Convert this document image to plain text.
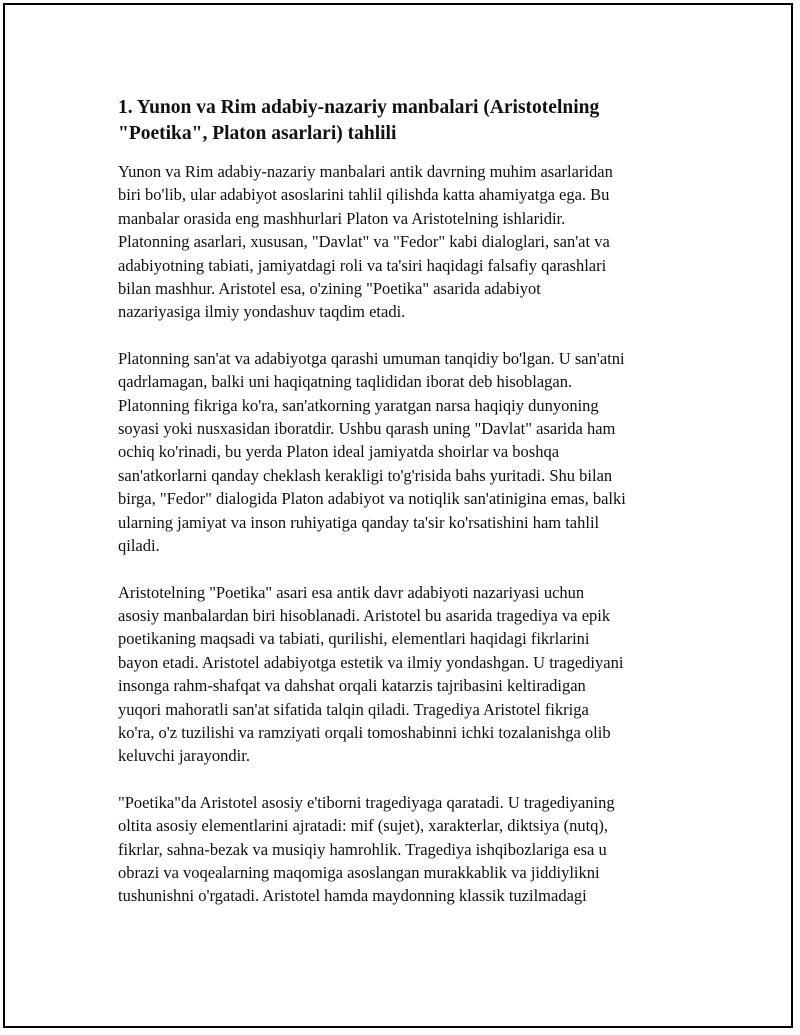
1. Yunon va Rim adabiy-nazariy manbalari (Aristotelning
"Poetika", Platon asarlari) tahlili

Yunon va Rim adabiy-nazariy manbalari antik davrning muhim asarlaridan
biri bo'lib, ular adabiyot asoslarini tahlil qilishda katta ahamiyatga ega. Bu
manbalar orasida eng mashhurlari Platon va Aristotelning ishlaridir.
Platonning asarlari, xususan, "Davlat" va "Fedor" kabi dialoglari, san'at va
adabiyotning tabiati, jamiyatdagi roli va ta'siri haqidagi falsafiy qarashlari
bilan mashhur. Aristotel esa, o'zining "Poetika" asarida adabiyot
nazariyasiga ilmiy yondashuv taqdim etadi.

Platonning san'at va adabiyotga qarashi umuman tanqidiy bo'lgan. U san'atni
qadrlamagan, balki uni haqiqatning taqlididan iborat deb hisoblagan.
Platonning fikriga ko'ra, san'atkorning yaratgan narsa haqiqiy dunyoning
soyasi yoki nusxasidan iboratdir. Ushbu qarash uning "Davlat" asarida ham
ochiq ko'rinadi, bu yerda Platon ideal jamiyatda shoirlar va boshqa
san'atkorlarni qanday cheklash kerakligi to'g'risida bahs yuritadi. Shu bilan
birga, "Fedor" dialogida Platon adabiyot va notiqlik san'atinigina emas, balki
ularning jamiyat va inson ruhiyatiga qanday ta'sir ko'rsatishini ham tahlil
qiladi.

Aristotelning "Poetika" asari esa antik davr adabiyoti nazariyasi uchun
asosiy manbalardan biri hisoblanadi. Aristotel bu asarida tragediya va epik
poetikaning maqsadi va tabiati, qurilishi, elementlari haqidagi fikrlarini
bayon etadi. Aristotel adabiyotga estetik va ilmiy yondashgan. U tragediyani
insonga rahm-shafqat va dahshat orqali katarzis tajribasini keltiradigan
yuqori mahoratli san'at sifatida talqin qiladi. Tragediya Aristotel fikriga
ko'ra, o'z tuzilishi va ramziyati orqali tomoshabinni ichki tozalanishga olib
keluvchi jarayondir.

"Poetika"da Aristotel asosiy e'tiborni tragediyaga qaratadi. U tragediyaning
oltita asosiy elementlarini ajratadi: mif (sujet), xarakterlar, diktsiya (nutq),
fikrlar, sahna-bezak va musiqiy hamrohlik. Tragediya ishqibozlariga esa u
obrazi va voqealarning maqomiga asoslangan murakkablik va jiddiylikni
tushunishni o'rgatadi. Aristotel hamda maydonning klassik tuzilmadagi
